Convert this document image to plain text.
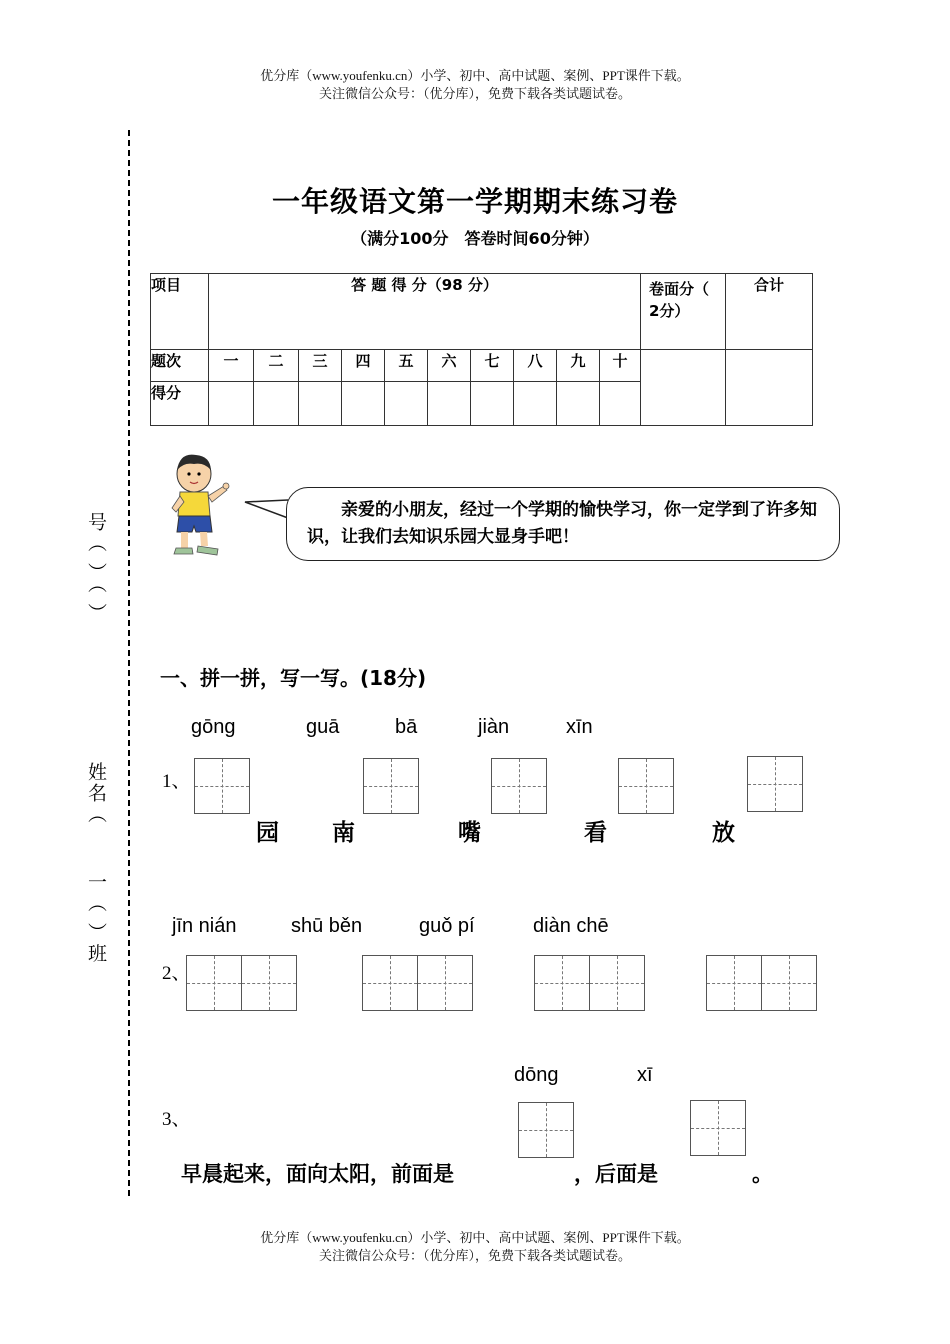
优分库（www.youfenku.cn）小学、初中、高中试题、案例、PPT课件下载。
关注微信公众号：（优分库），免费下载各类试题试卷。
号（ ）（ ）
姓名（
一（ ）班
一年级语文第一学期期末练习卷
（满分100分　答卷时间60分钟）
项目	答 题 得 分（98 分）										卷面分（　2分）	合计
题次	一	二	三	四	五	六	七	八	九	十		
得分												
亲爱的小朋友，经过一个学期的愉快学习，你一定学到了许多知识，让我们去知识乐园大显身手吧！
一、拼一拼，写一写。(18分)
gōng	guā	bā	jiàn	xīn
1、
园 南	嘴	看	放
jīn nián	shū běn	guǒ pí	diàn chē
2、
dōng	xī
3、
早晨起来，面向太阳，前面是	，后面是	。
优分库（www.youfenku.cn）小学、初中、高中试题、案例、PPT课件下载。
关注微信公众号：（优分库），免费下载各类试题试卷。
